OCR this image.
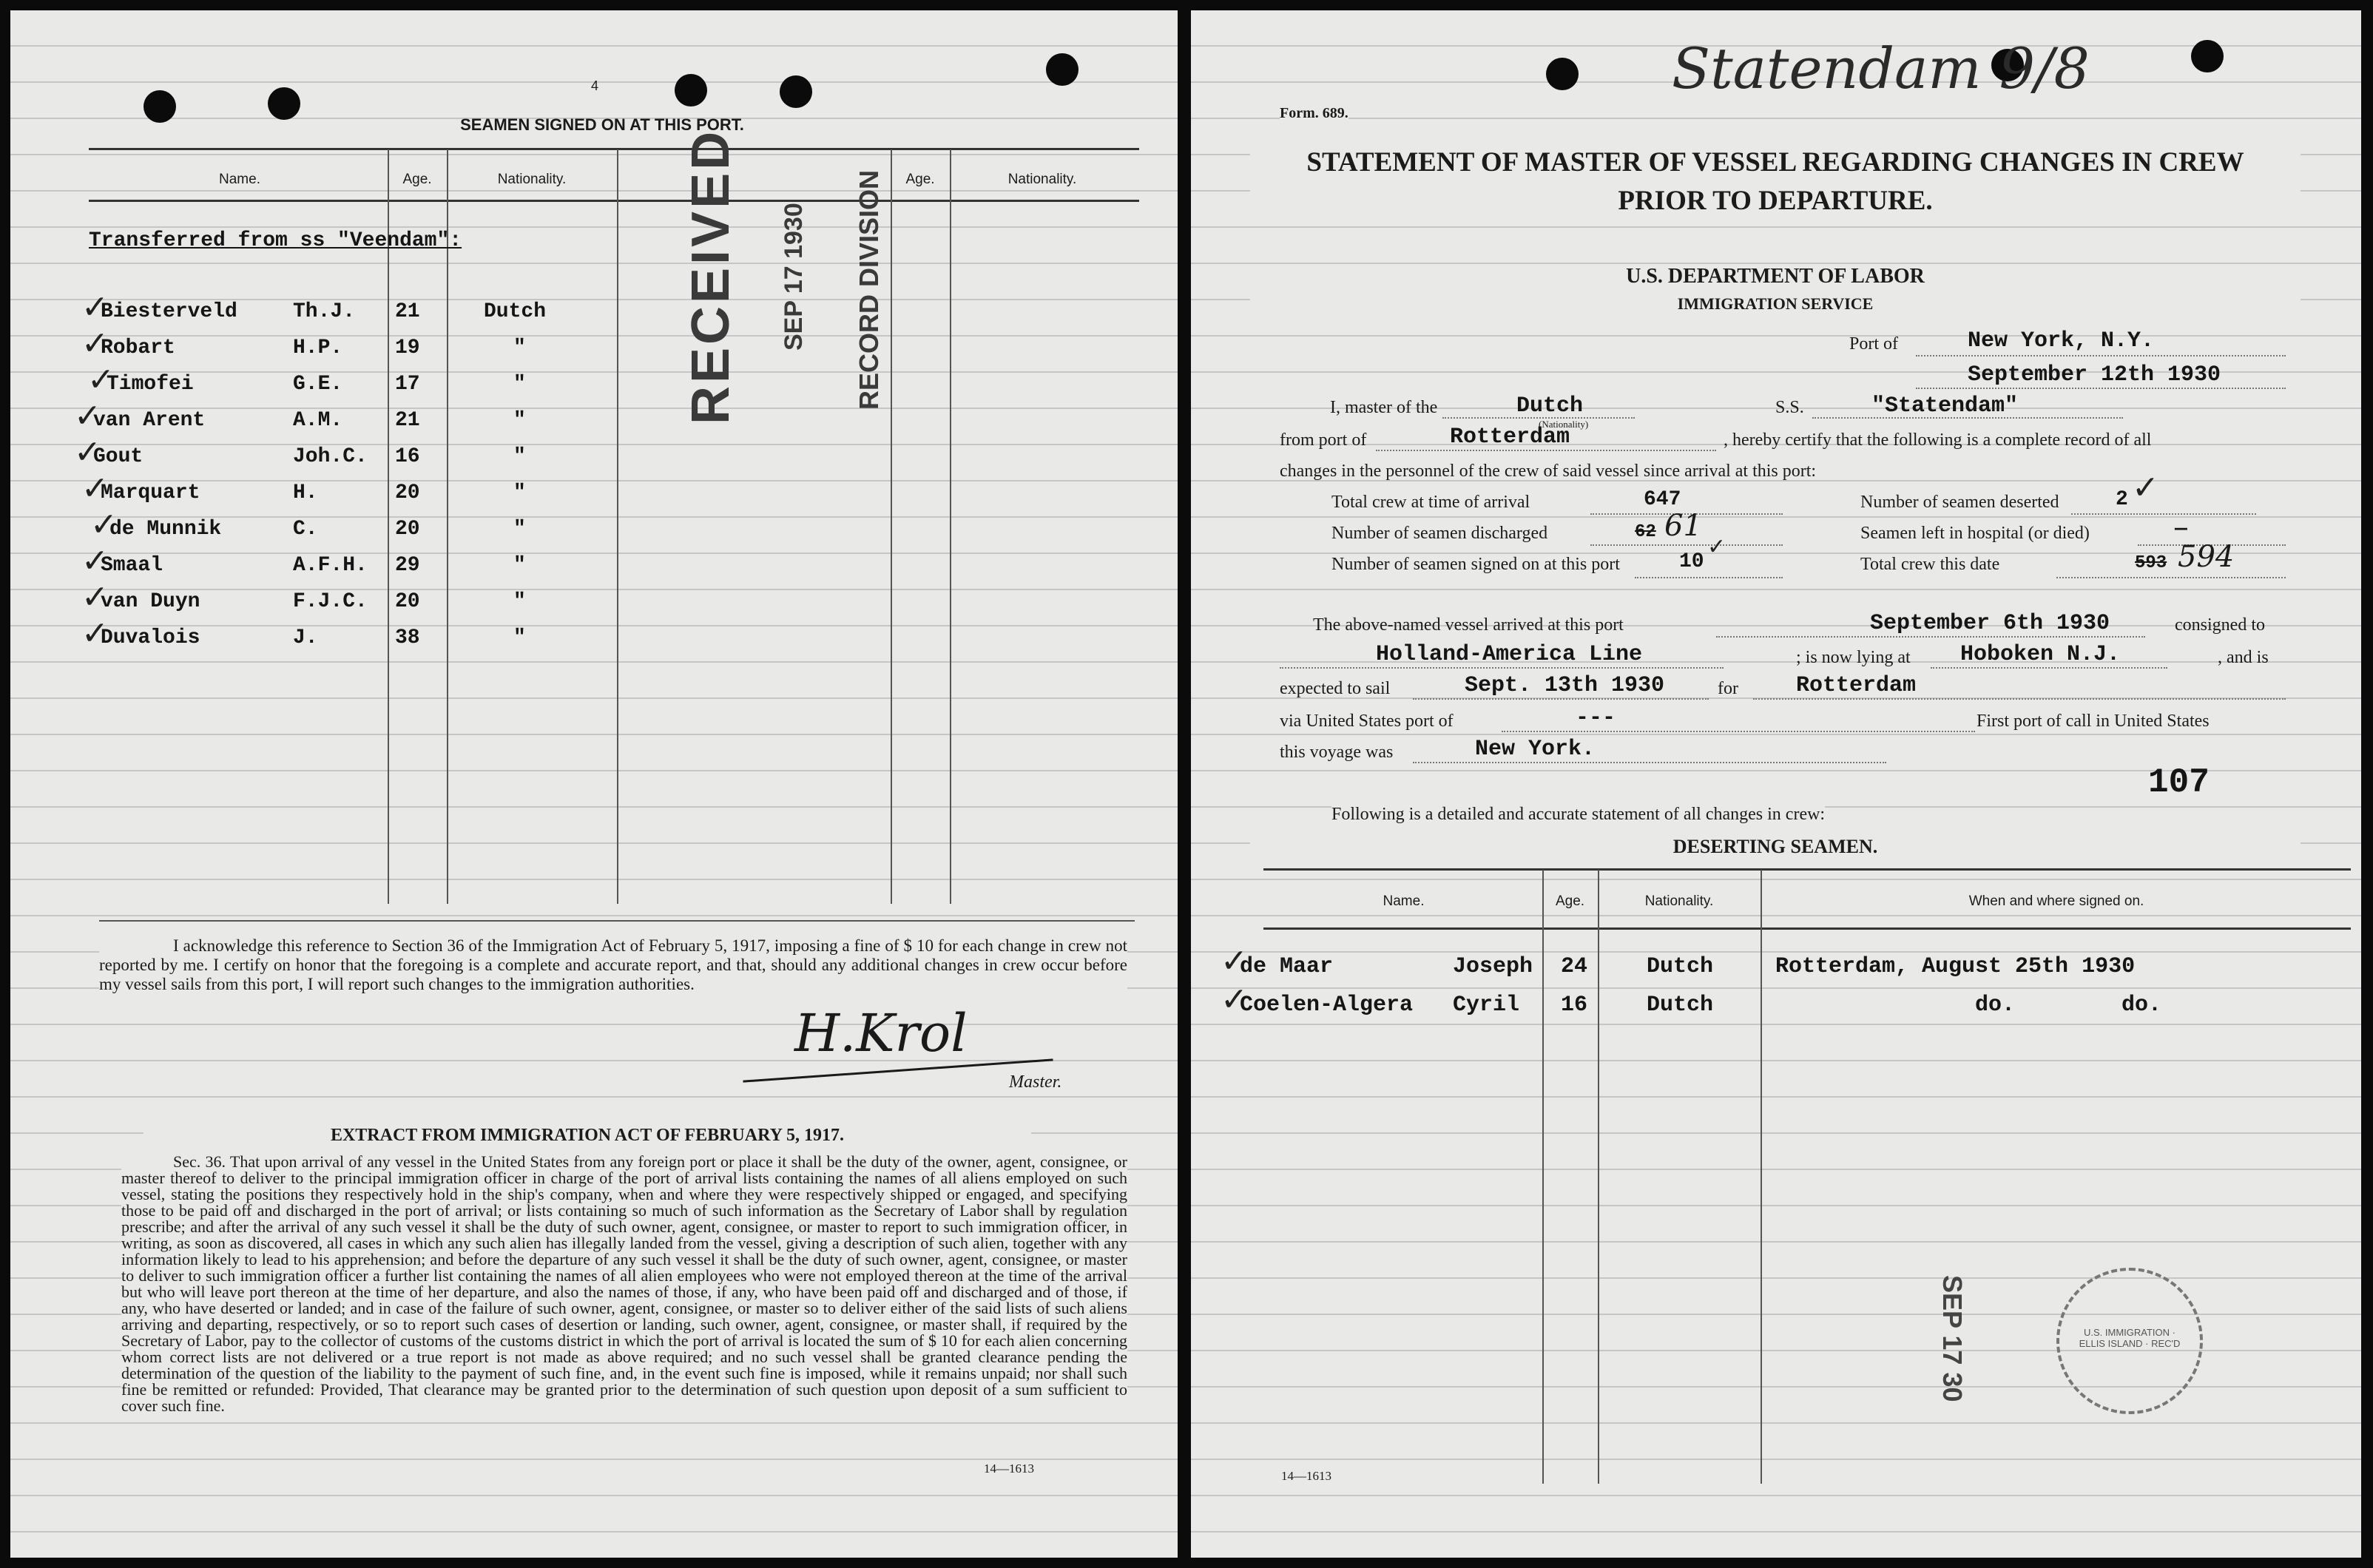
4
SEAMEN SIGNED ON AT THIS PORT.
Name.	Age.	Nationality.	Age.	Nationality.
Transferred from ss "Veendam":
✓
Biesterveld	Th.J. 21	Dutch
✓
Robart	H.P.	19	"
✓
Timofei	G.E.	17	"
✓
van Arent	A.M.	21	"
✓
Gout	Joh.C. 16	"
✓
Marquart	H.	20	"
✓
de Munnik	C.	20	"
✓
Smaal	A.F.H. 29	"
✓
van Duyn	F.J.C. 20	"
✓
Duvalois	J.	38	"
RECEIVED SEP 17 1930 RECORD DIVISION
I acknowledge this reference to Section 36 of the Immigration Act of February 5, 1917, imposing a fine of $ 10 for each change in crew not reported by me. I certify on honor that the foregoing is a complete and accurate report, and that, should any additional changes in crew occur before my vessel sails from this port, I will report such changes to the immigration authorities.
H.Krol
Master.
EXTRACT FROM IMMIGRATION ACT OF FEBRUARY 5, 1917.
Sec. 36. That upon arrival of any vessel in the United States from any foreign port or place it shall be the duty of the owner, agent, consignee, or master thereof to deliver to the principal immigration officer in charge of the port of arrival lists containing the names of all aliens employed on such vessel, stating the positions they respectively hold in the ship's company, when and where they were respectively shipped or engaged, and specifying those to be paid off and discharged in the port of arrival; or lists containing so much of such information as the Secretary of Labor shall by regulation prescribe; and after the arrival of any such vessel it shall be the duty of such owner, agent, consignee, or master to report to such immigration officer, in writing, as soon as discovered, all cases in which any such alien has illegally landed from the vessel, giving a description of such alien, together with any information likely to lead to his apprehension; and before the departure of any such vessel it shall be the duty of such owner, agent, consignee, or master to deliver to such immigration officer a further list containing the names of all alien employees who were not employed thereon at the time of the arrival but who will leave port thereon at the time of her departure, and also the names of those, if any, who have been paid off and discharged and of those, if any, who have deserted or landed; and in case of the failure of such owner, agent, consignee, or master so to deliver either of the said lists of such aliens arriving and departing, respectively, or so to report such cases of desertion or landing, such owner, agent, consignee, or master shall, if required by the Secretary of Labor, pay to the collector of customs of the customs district in which the port of arrival is located the sum of $ 10 for each alien concerning whom correct lists are not delivered or a true report is not made as above required; and no such vessel shall be granted clearance pending the determination of the question of the liability to the payment of such fine, and, in the event such fine is imposed, while it remains unpaid; nor shall such fine be remitted or refunded: Provided, That clearance may be granted prior to the determination of such question upon deposit of a sum sufficient to cover such fine.
14—1613
Form. 689.
Statendam 9/8
STATEMENT OF MASTER OF VESSEL REGARDING CHANGES IN CREW
PRIOR TO DEPARTURE.
U.S. DEPARTMENT OF LABOR
IMMIGRATION SERVICE
Port of	New York, N.Y.
September 12th 1930
I, master of the	Dutch
(Nationality)
S.S.	"Statendam"
from port of	Rotterdam	, hereby certify that the following is a complete record of all
changes in the personnel of the crew of said vessel since arrival at this port:
Total crew at time of arrival	647	Number of seamen deserted	2 ✓
Number of seamen discharged	62 61	Seamen left in hospital (or died)	—
Number of seamen signed on at this port	10
✓
Total crew this date	593 594
The above-named vessel arrived at this port	September 6th 1930	consigned to
Holland-America Line	; is now lying at Hoboken N.J.	, and is
expected to sail	Sept. 13th 1930	for	Rotterdam
via United States port of	---	First port of call in United States
this voyage was	New York.
107
Following is a detailed and accurate statement of all changes in crew:
DESERTING SEAMEN.
Name.	Age.	Nationality.	When and where signed on.
✓
de Maar	Joseph 24	Dutch	Rotterdam, August 25th 1930
✓
Coelen-Algera Cyril 16	Dutch	do.        do.
SEP 17 30	U.S. IMMIGRATION · ELLIS ISLAND · REC'D
14—1613
